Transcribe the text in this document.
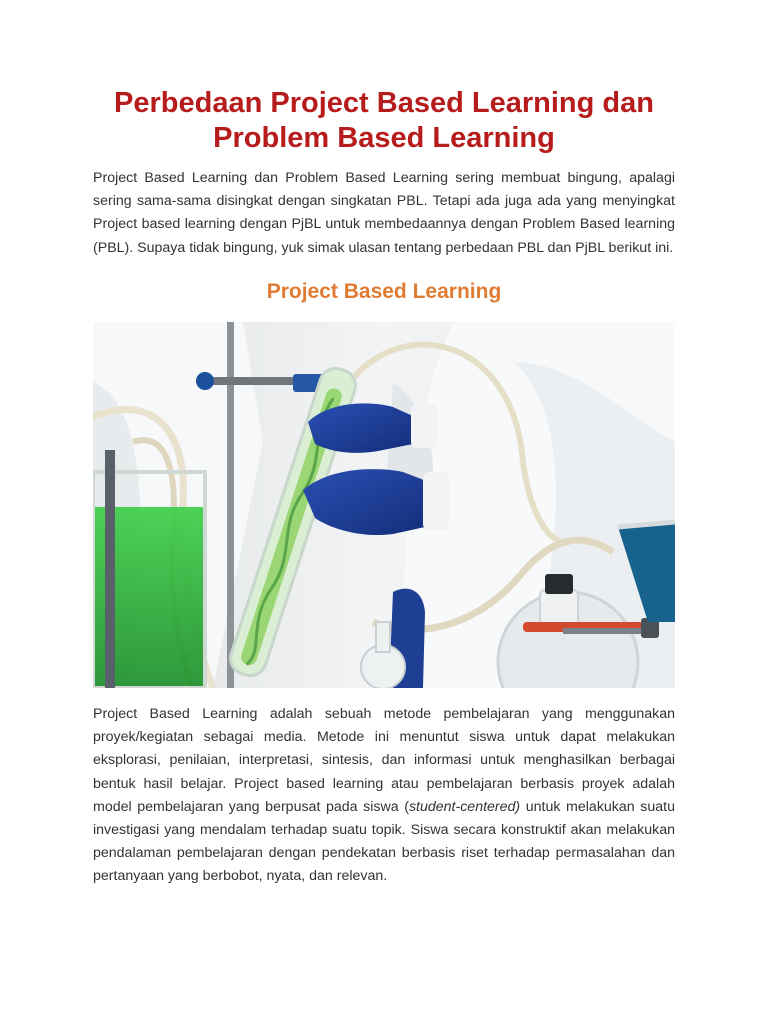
Perbedaan Project Based Learning dan Problem Based Learning

Project Based Learning dan Problem Based Learning sering membuat bingung, apalagi sering sama-sama disingkat dengan singkatan PBL. Tetapi ada juga ada yang menyingkat Project based learning dengan PjBL untuk membedaannya dengan Problem Based learning (PBL). Supaya tidak bingung, yuk simak ulasan tentang perbedaan PBL dan PjBL berikut ini.

Project Based Learning

Project Based Learning adalah sebuah metode pembelajaran yang menggunakan proyek/kegiatan sebagai media. Metode ini menuntut siswa untuk dapat melakukan eksplorasi, penilaian, interpretasi, sintesis, dan informasi untuk menghasilkan berbagai bentuk hasil belajar. Project based learning atau pembelajaran berbasis proyek adalah model pembelajaran yang berpusat pada siswa (student-centered) untuk melakukan suatu investigasi yang mendalam terhadap suatu topik. Siswa secara konstruktif akan melakukan pendalaman pembelajaran dengan pendekatan berbasis riset terhadap permasalahan dan pertanyaan yang berbobot, nyata, dan relevan.
